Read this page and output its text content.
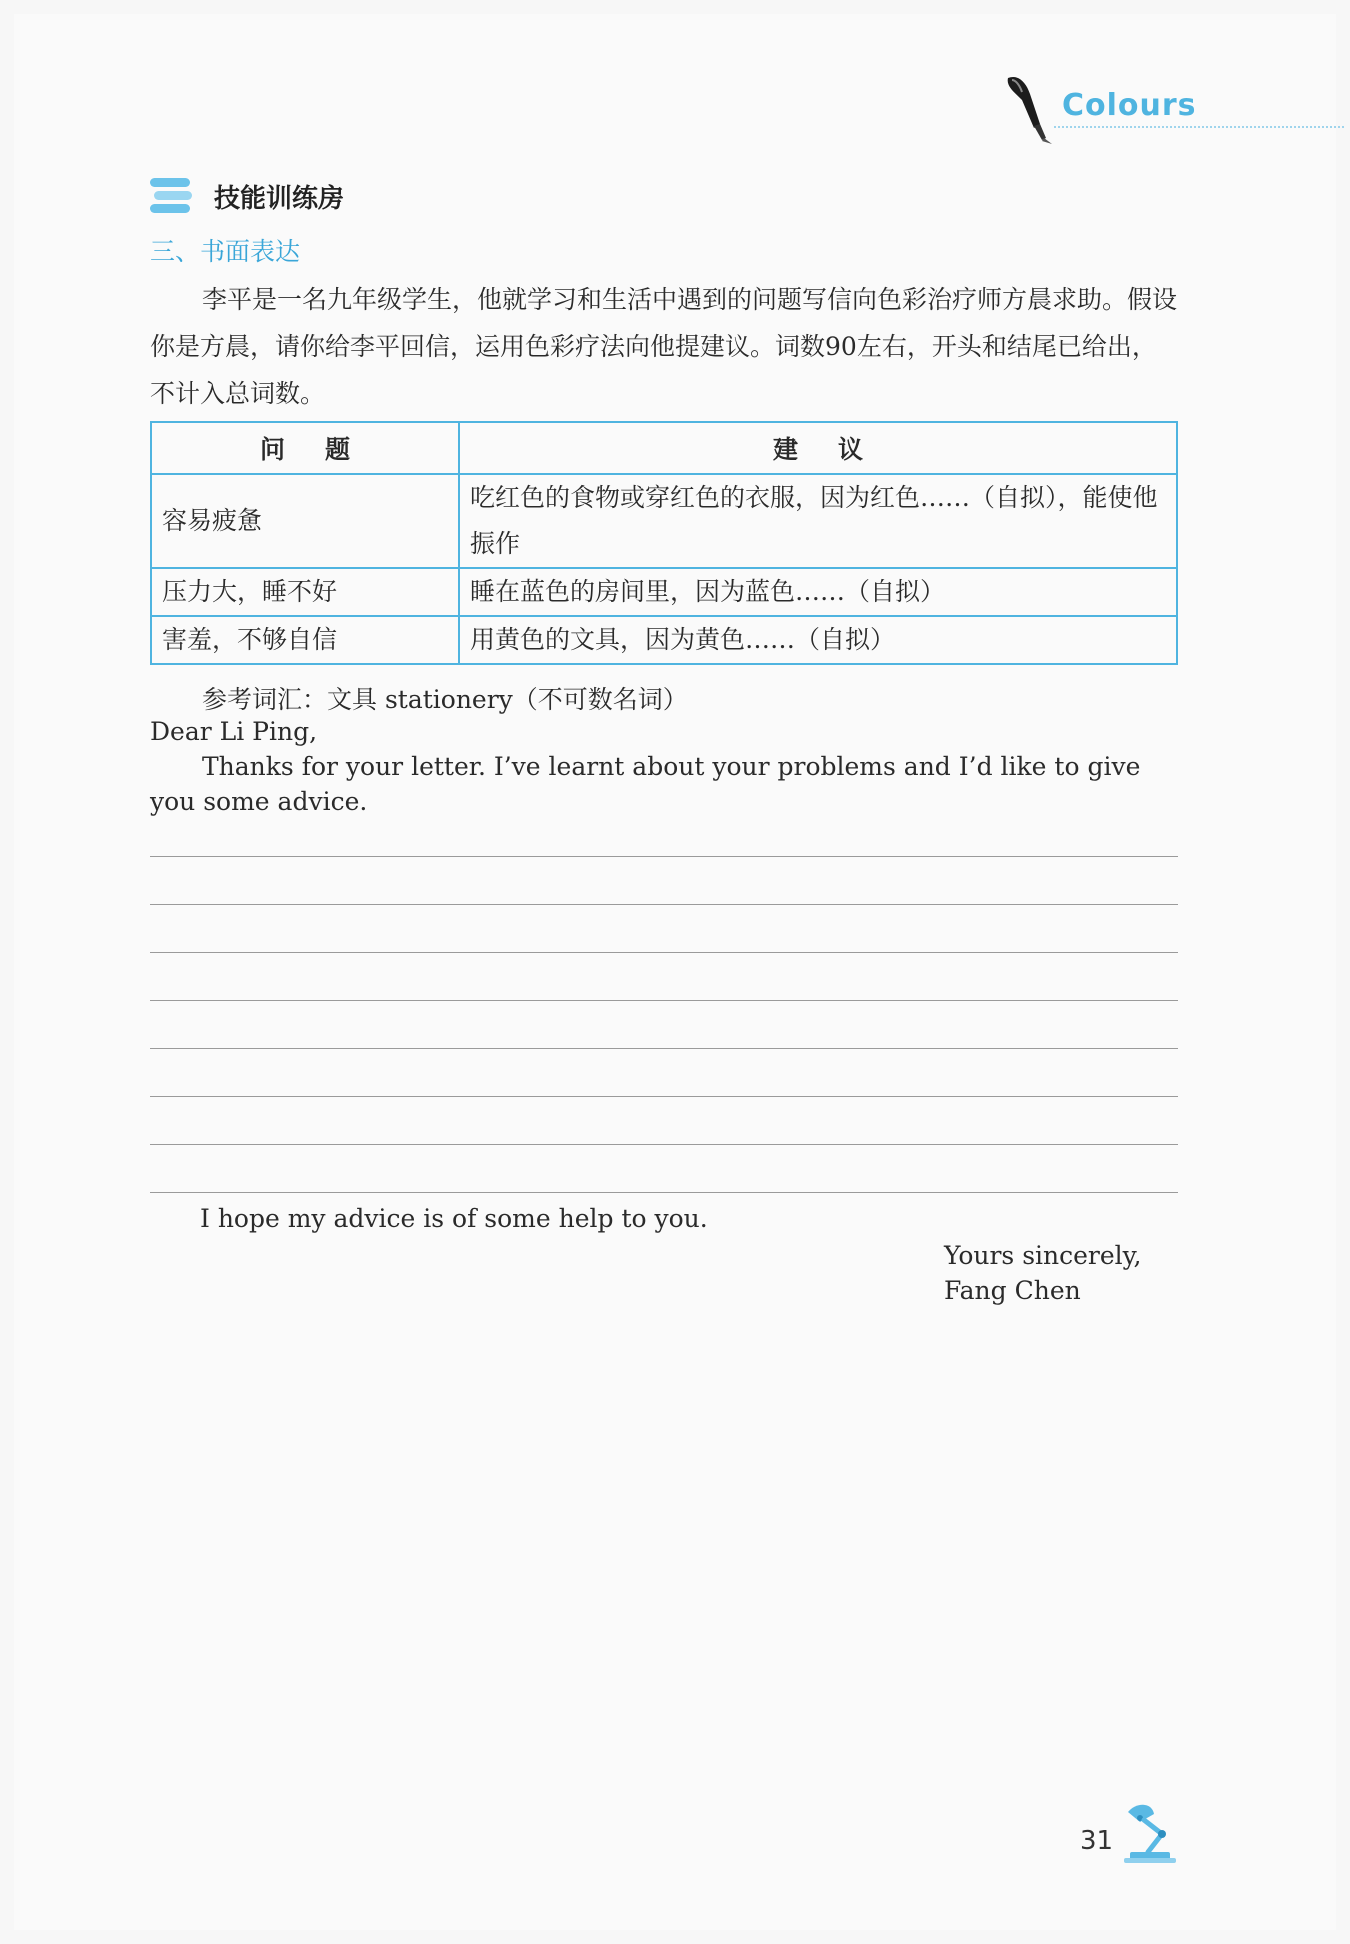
Colours
技能训练房
三、书面表达
李平是一名九年级学生，他就学习和生活中遇到的问题写信向色彩治疗师方晨求助。假设你是方晨，请你给李平回信，运用色彩疗法向他提建议。词数90左右，开头和结尾已给出，不计入总词数。
问题	建议
容易疲惫	吃红色的食物或穿红色的衣服，因为红色……（自拟），能使他振作
压力大，睡不好	睡在蓝色的房间里，因为蓝色……（自拟）
害羞，不够自信	用黄色的文具，因为黄色……（自拟）
参考词汇：文具 stationery（不可数名词）
Dear Li Ping,
Thanks for your letter. I’ve learnt about your problems and I’d like to give you some advice.
I hope my advice is of some help to you.
Yours sincerely,
Fang Chen
31
